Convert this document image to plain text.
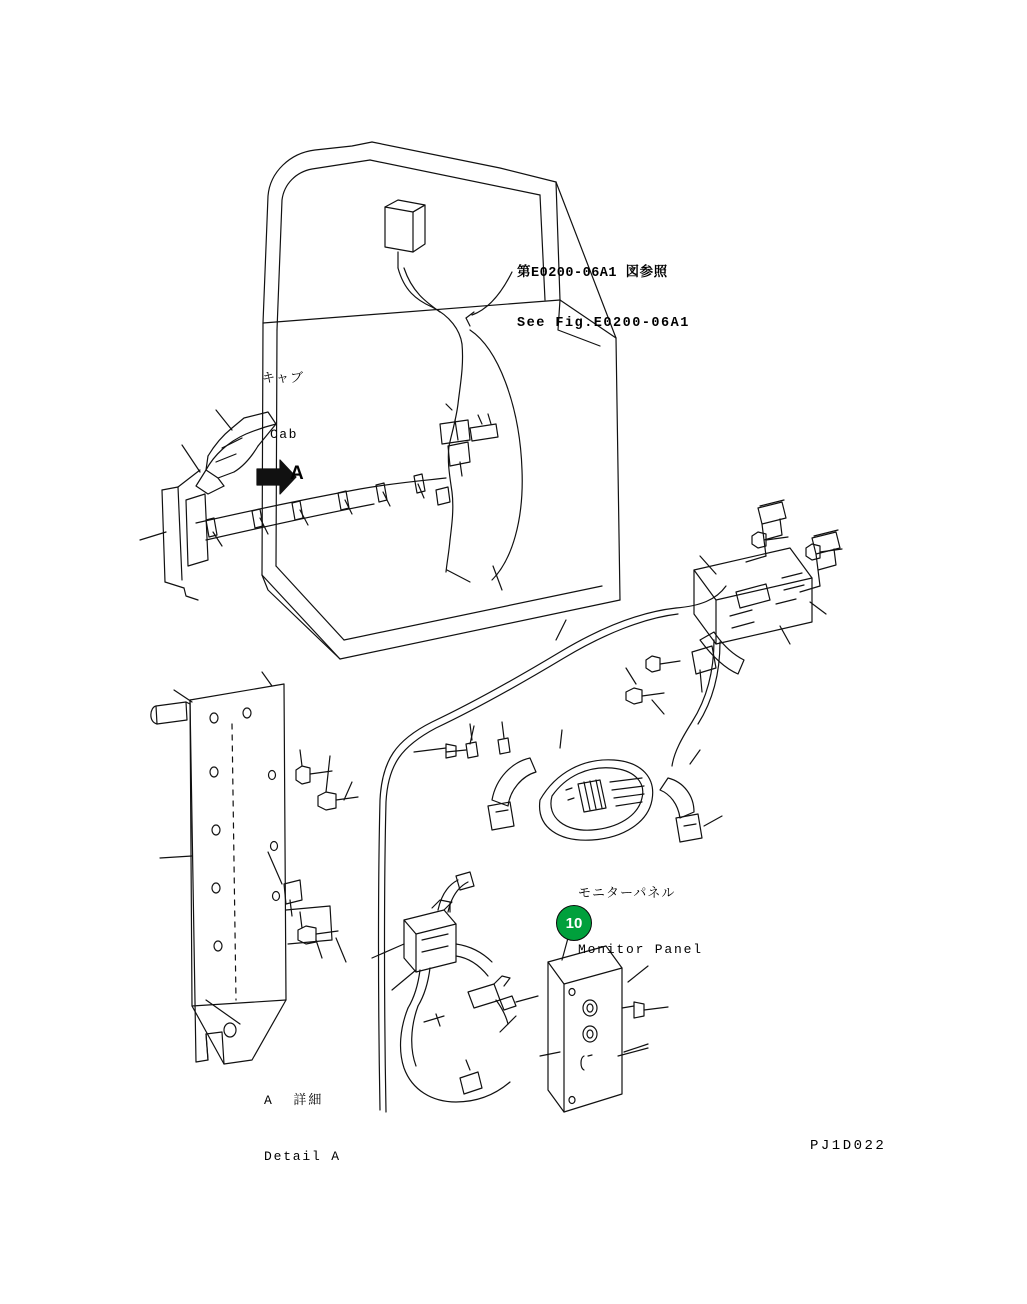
第E0200-06A1 図参照

See Fig.E0200-06A1

キャブ

Cab

A

モニターパネル

Monitor Panel

A  詳細

Detail A

PJ1D022
10
